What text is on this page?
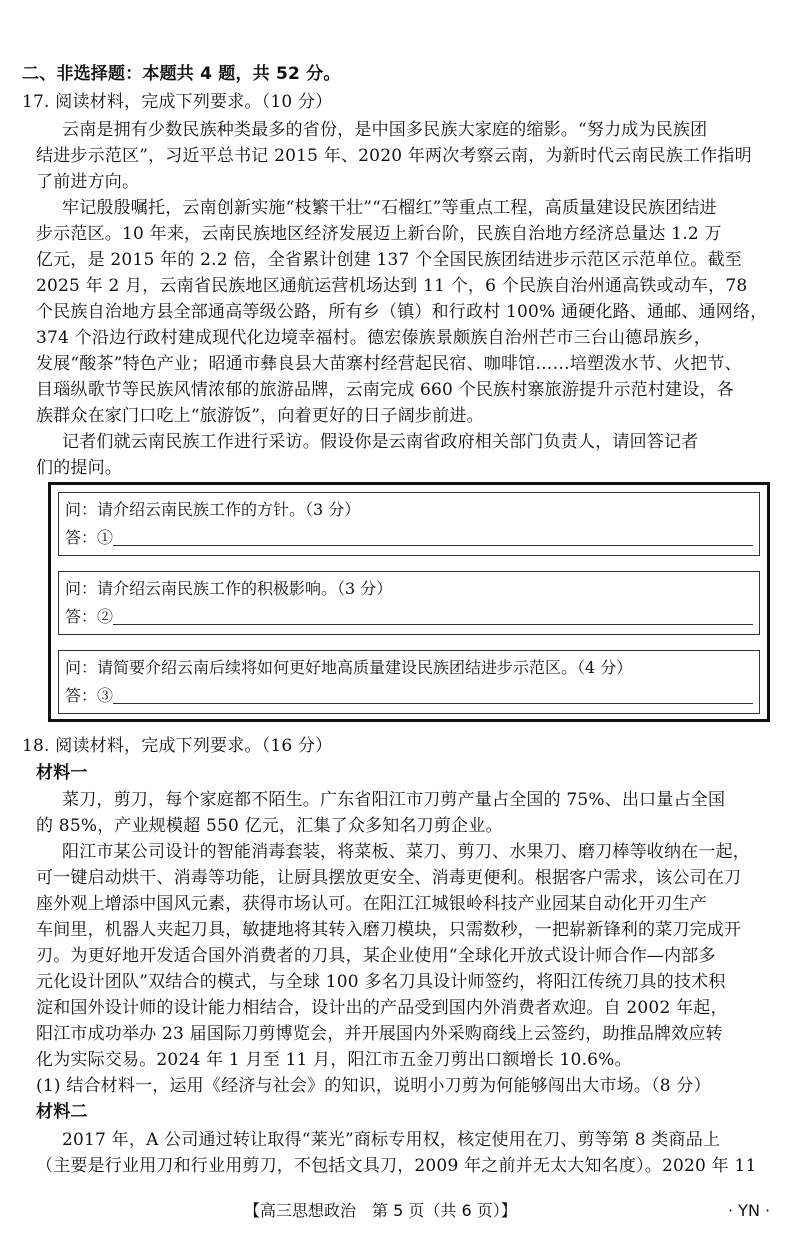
二、非选择题：本题共 4 题，共 52 分。
17. 阅读材料，完成下列要求。（10 分）
云南是拥有少数民族种类最多的省份，是中国多民族大家庭的缩影。“努力成为民族团
结进步示范区”，习近平总书记 2015 年、2020 年两次考察云南，为新时代云南民族工作指明
了前进方向。
牢记殷殷嘱托，云南创新实施“枝繁干壮”“石榴红”等重点工程，高质量建设民族团结进
步示范区。10 年来，云南民族地区经济发展迈上新台阶，民族自治地方经济总量达 1.2 万
亿元，是 2015 年的 2.2 倍，全省累计创建 137 个全国民族团结进步示范区示范单位。截至
2025 年 2 月，云南省民族地区通航运营机场达到 11 个，6 个民族自治州通高铁或动车，78
个民族自治地方县全部通高等级公路，所有乡（镇）和行政村 100% 通硬化路、通邮、通网络，
374 个沿边行政村建成现代化边境幸福村。德宏傣族景颇族自治州芒市三台山德昂族乡，
发展“酸茶”特色产业；昭通市彝良县大苗寨村经营起民宿、咖啡馆……培塑泼水节、火把节、
目瑙纵歌节等民族风情浓郁的旅游品牌，云南完成 660 个民族村寨旅游提升示范村建设，各
族群众在家门口吃上“旅游饭”，向着更好的日子阔步前进。
记者们就云南民族工作进行采访。假设你是云南省政府相关部门负责人，请回答记者
们的提问。
问：请介绍云南民族工作的方针。（3 分）
答：①
问：请介绍云南民族工作的积极影响。（3 分）
答：②
问：请简要介绍云南后续将如何更好地高质量建设民族团结进步示范区。（4 分）
答：③
18. 阅读材料，完成下列要求。（16 分）
材料一
菜刀，剪刀，每个家庭都不陌生。广东省阳江市刀剪产量占全国的 75%、出口量占全国
的 85%，产业规模超 550 亿元，汇集了众多知名刀剪企业。
阳江市某公司设计的智能消毒套装，将菜板、菜刀、剪刀、水果刀、磨刀棒等收纳在一起，
可一键启动烘干、消毒等功能，让厨具摆放更安全、消毒更便利。根据客户需求，该公司在刀
座外观上增添中国风元素，获得市场认可。在阳江江城银岭科技产业园某自动化开刃生产
车间里，机器人夹起刀具，敏捷地将其转入磨刀模块，只需数秒，一把崭新锋利的菜刀完成开
刃。为更好地开发适合国外消费者的刀具，某企业使用“全球化开放式设计师合作—内部多
元化设计团队”双结合的模式，与全球 100 多名刀具设计师签约，将阳江传统刀具的技术积
淀和国外设计师的设计能力相结合，设计出的产品受到国内外消费者欢迎。自 2002 年起，
阳江市成功举办 23 届国际刀剪博览会，并开展国内外采购商线上云签约，助推品牌效应转
化为实际交易。2024 年 1 月至 11 月，阳江市五金刀剪出口额增长 10.6%。
(1) 结合材料一，运用《经济与社会》的知识，说明小刀剪为何能够闯出大市场。（8 分）
材料二
2017 年，A 公司通过转让取得“莱光”商标专用权，核定使用在刀、剪等第 8 类商品上
（主要是行业用刀和行业用剪刀，不包括文具刀，2009 年之前并无太大知名度）。2020 年 11
【高三思想政治　第 5 页（共 6 页）】	· YN ·
